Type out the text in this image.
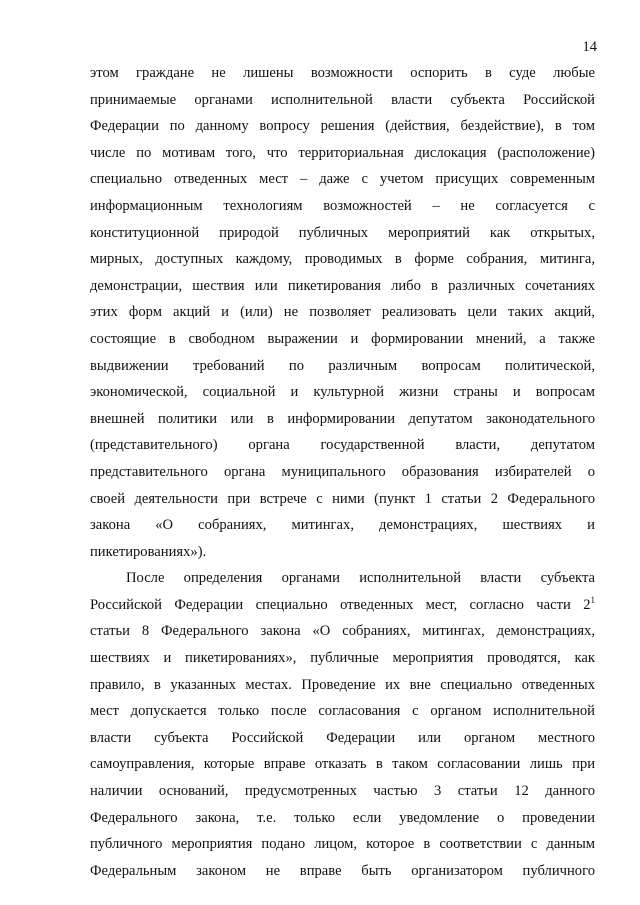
14
этом граждане не лишены возможности оспорить в суде любые
принимаемые органами исполнительной власти субъекта Российской
Федерации по данному вопросу решения (действия, бездействие), в том
числе по мотивам того, что территориальная дислокация (расположение)
специально отведенных мест – даже с учетом присущих современным
информационным технологиям возможностей – не согласуется с
конституционной природой публичных мероприятий как открытых,
мирных, доступных каждому, проводимых в форме собрания, митинга,
демонстрации, шествия или пикетирования либо в различных сочетаниях
этих форм акций и (или) не позволяет реализовать цели таких акций,
состоящие в свободном выражении и формировании мнений, а также
выдвижении требований по различным вопросам политической,
экономической, социальной и культурной жизни страны и вопросам
внешней политики или в информировании депутатом законодательного
(представительного) органа государственной власти, депутатом
представительного органа муниципального образования избирателей о
своей деятельности при встрече с ними (пункт 1 статьи 2 Федерального
закона «О собраниях, митингах, демонстрациях, шествиях и
пикетированиях»).
После определения органами исполнительной власти субъекта
Российской Федерации специально отведенных мест, согласно части $2^1$
статьи 8 Федерального закона «О собраниях, митингах, демонстрациях,
шествиях и пикетированиях», публичные мероприятия проводятся, как
правило, в указанных местах. Проведение их вне специально отведенных
мест допускается только после согласования с органом исполнительной
власти субъекта Российской Федерации или органом местного
самоуправления, которые вправе отказать в таком согласовании лишь при
наличии оснований, предусмотренных частью 3 статьи 12 данного
Федерального закона, т.е. только если уведомление о проведении
публичного мероприятия подано лицом, которое в соответствии с данным
Федеральным законом не вправе быть организатором публичного
